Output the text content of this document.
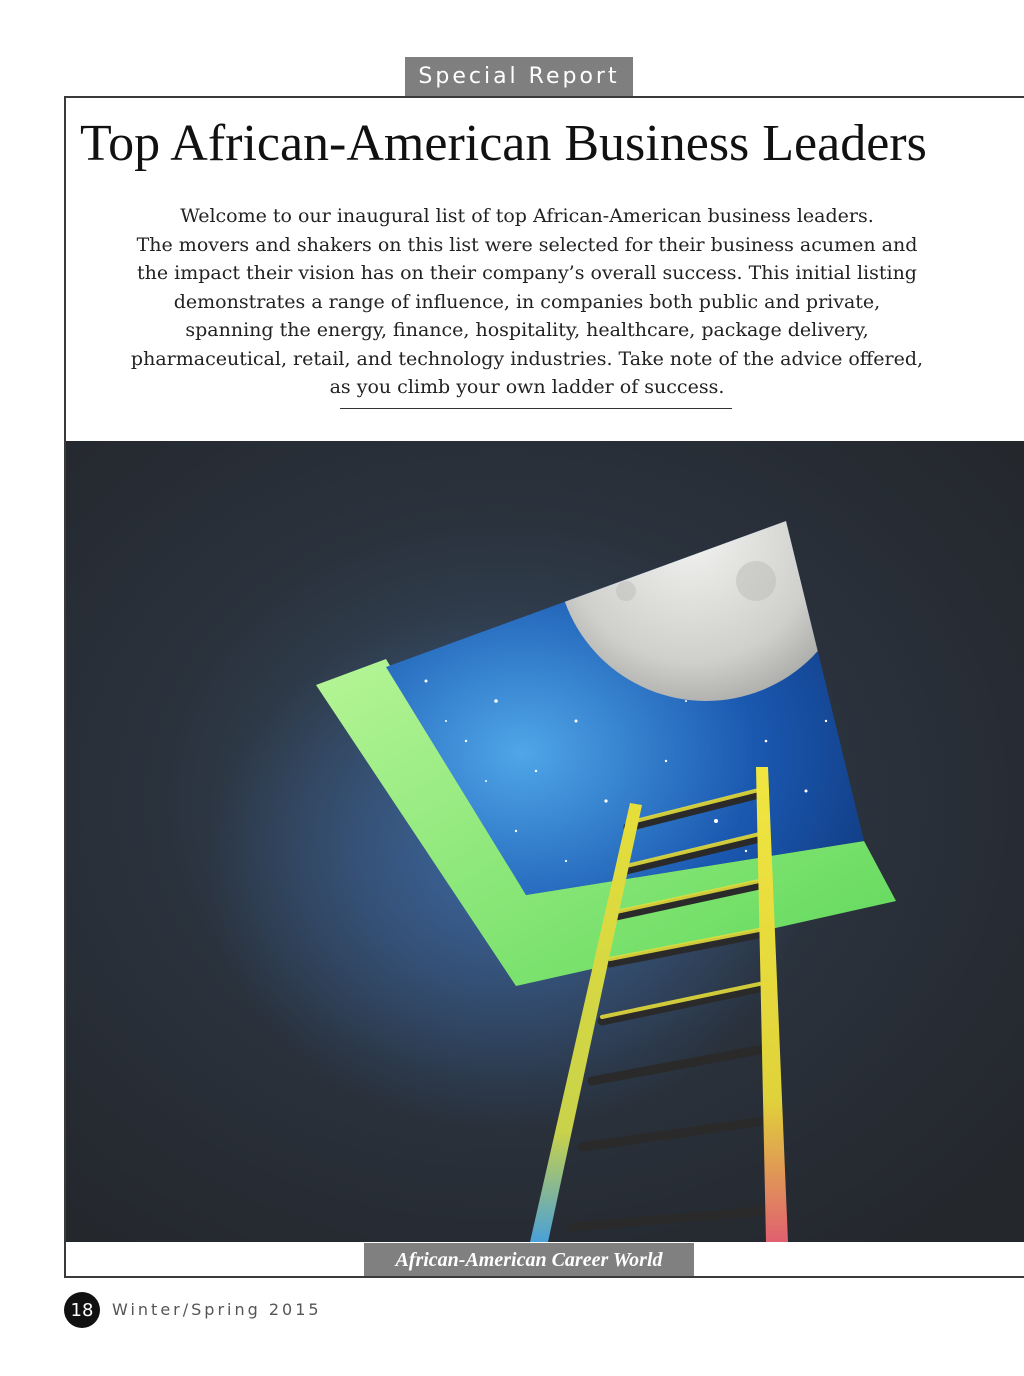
Special Report
Top African-American Business Leaders
Welcome to our inaugural list of top African-American business leaders.
The movers and shakers on this list were selected for their business acumen and
the impact their vision has on their company’s overall success. This initial listing
demonstrates a range of influence, in companies both public and private,
spanning the energy, finance, hospitality, healthcare, package delivery,
pharmaceutical, retail, and technology industries. Take note of the advice offered,
as you climb your own ladder of success.
African-American Career World
18	Winter/Spring 2015
